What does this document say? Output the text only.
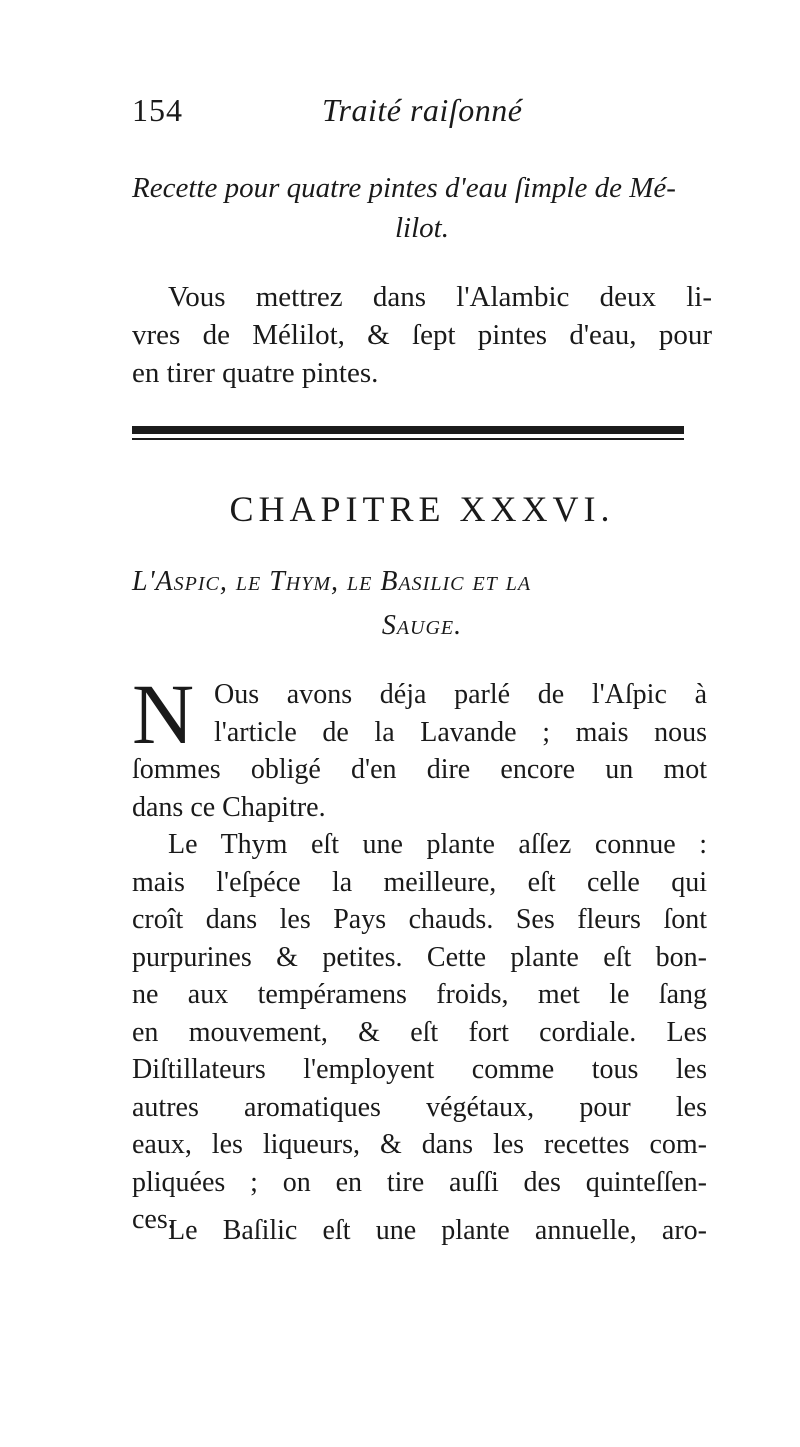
154	Traité raiſonné
Recette pour quatre pintes d'eau ſimple de Mé-
lilot.
Vous mettrez dans l'Alambic deux li-
vres de Mélilot, & ſept pintes d'eau, pour
en tirer quatre pintes.
CHAPITRE XXXVI.
L'Aspic, le Thym, le Basilic et la
Sauge.
N Ous avons déja parlé de l'Aſpic à
l'article de la Lavande ; mais nous
ſommes obligé d'en dire encore un mot
dans ce Chapitre.
Le Thym eſt une plante aſſez connue :
mais l'eſpéce la meilleure, eſt celle qui
croît dans les Pays chauds. Ses fleurs ſont
purpurines & petites. Cette plante eſt bon-
ne aux tempéramens froids, met le ſang
en mouvement, & eſt fort cordiale. Les
Diſtillateurs l'employent comme tous les
autres aromatiques végétaux, pour les
eaux, les liqueurs, & dans les recettes com-
pliquées ; on en tire auſſi des quinteſſen-
ces.
Le Baſilic eſt une plante annuelle, aro-
